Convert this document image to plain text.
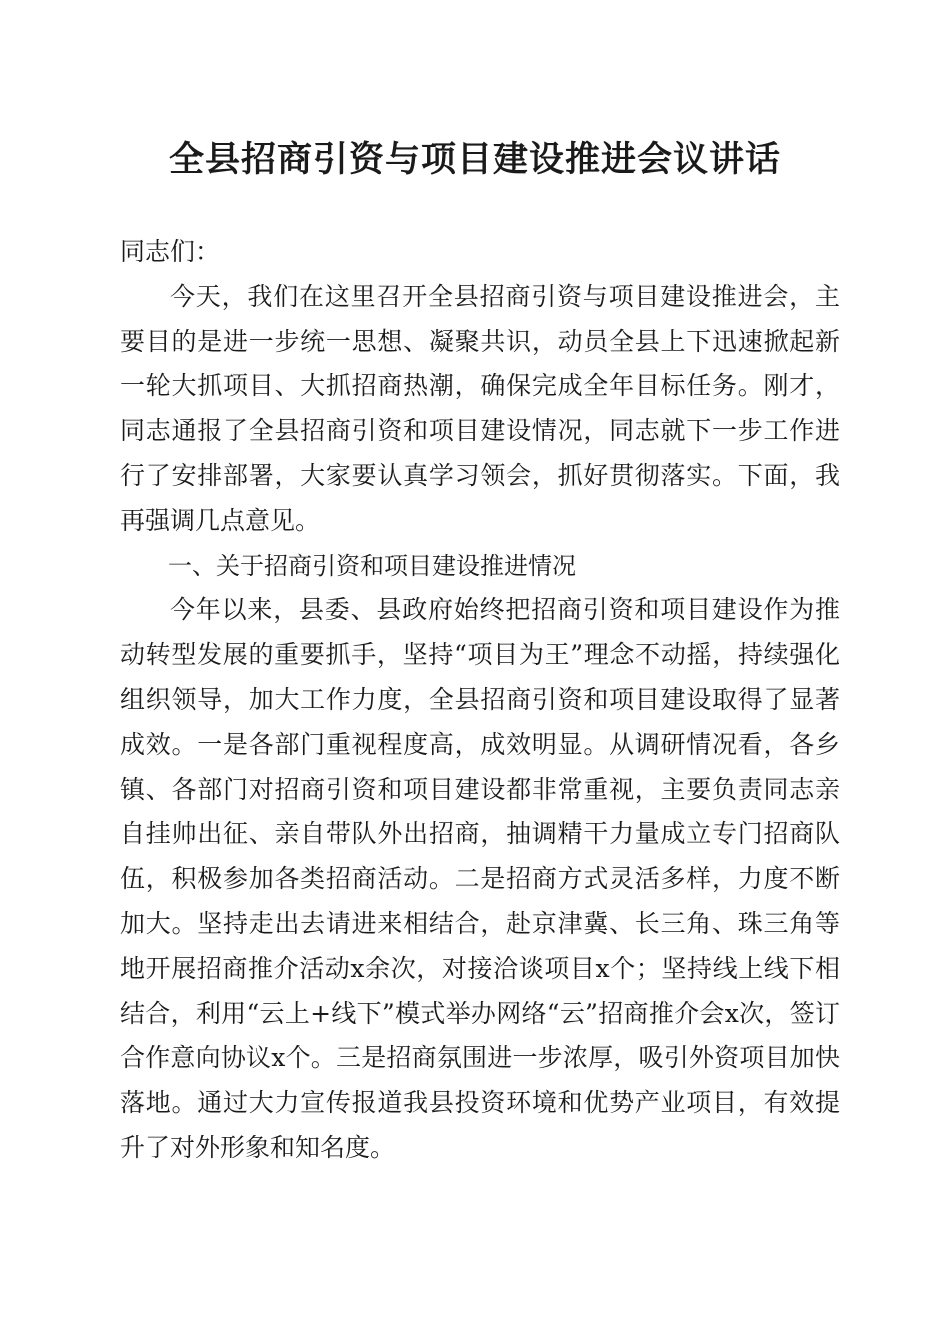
全县招商引资与项目建设推进会议讲话

同志们：

今天，我们在这里召开全县招商引资与项目建设推进会，主要目的是进一步统一思想、凝聚共识，动员全县上下迅速掀起新一轮大抓项目、大抓招商热潮，确保完成全年目标任务。刚才，同志通报了全县招商引资和项目建设情况，同志就下一步工作进行了安排部署，大家要认真学习领会，抓好贯彻落实。下面，我再强调几点意见。

一、关于招商引资和项目建设推进情况

今年以来，县委、县政府始终把招商引资和项目建设作为推动转型发展的重要抓手，坚持“项目为王”理念不动摇，持续强化组织领导，加大工作力度，全县招商引资和项目建设取得了显著成效。一是各部门重视程度高，成效明显。从调研情况看，各乡镇、各部门对招商引资和项目建设都非常重视，主要负责同志亲自挂帅出征、亲自带队外出招商，抽调精干力量成立专门招商队伍，积极参加各类招商活动。二是招商方式灵活多样，力度不断加大。坚持走出去请进来相结合，赴京津冀、长三角、珠三角等地开展招商推介活动x余次，对接洽谈项目x个；坚持线上线下相结合，利用“云上+线下”模式举办网络“云”招商推介会x次，签订合作意向协议x个。三是招商氛围进一步浓厚，吸引外资项目加快落地。通过大力宣传报道我县投资环境和优势产业项目，有效提升了对外形象和知名度。
